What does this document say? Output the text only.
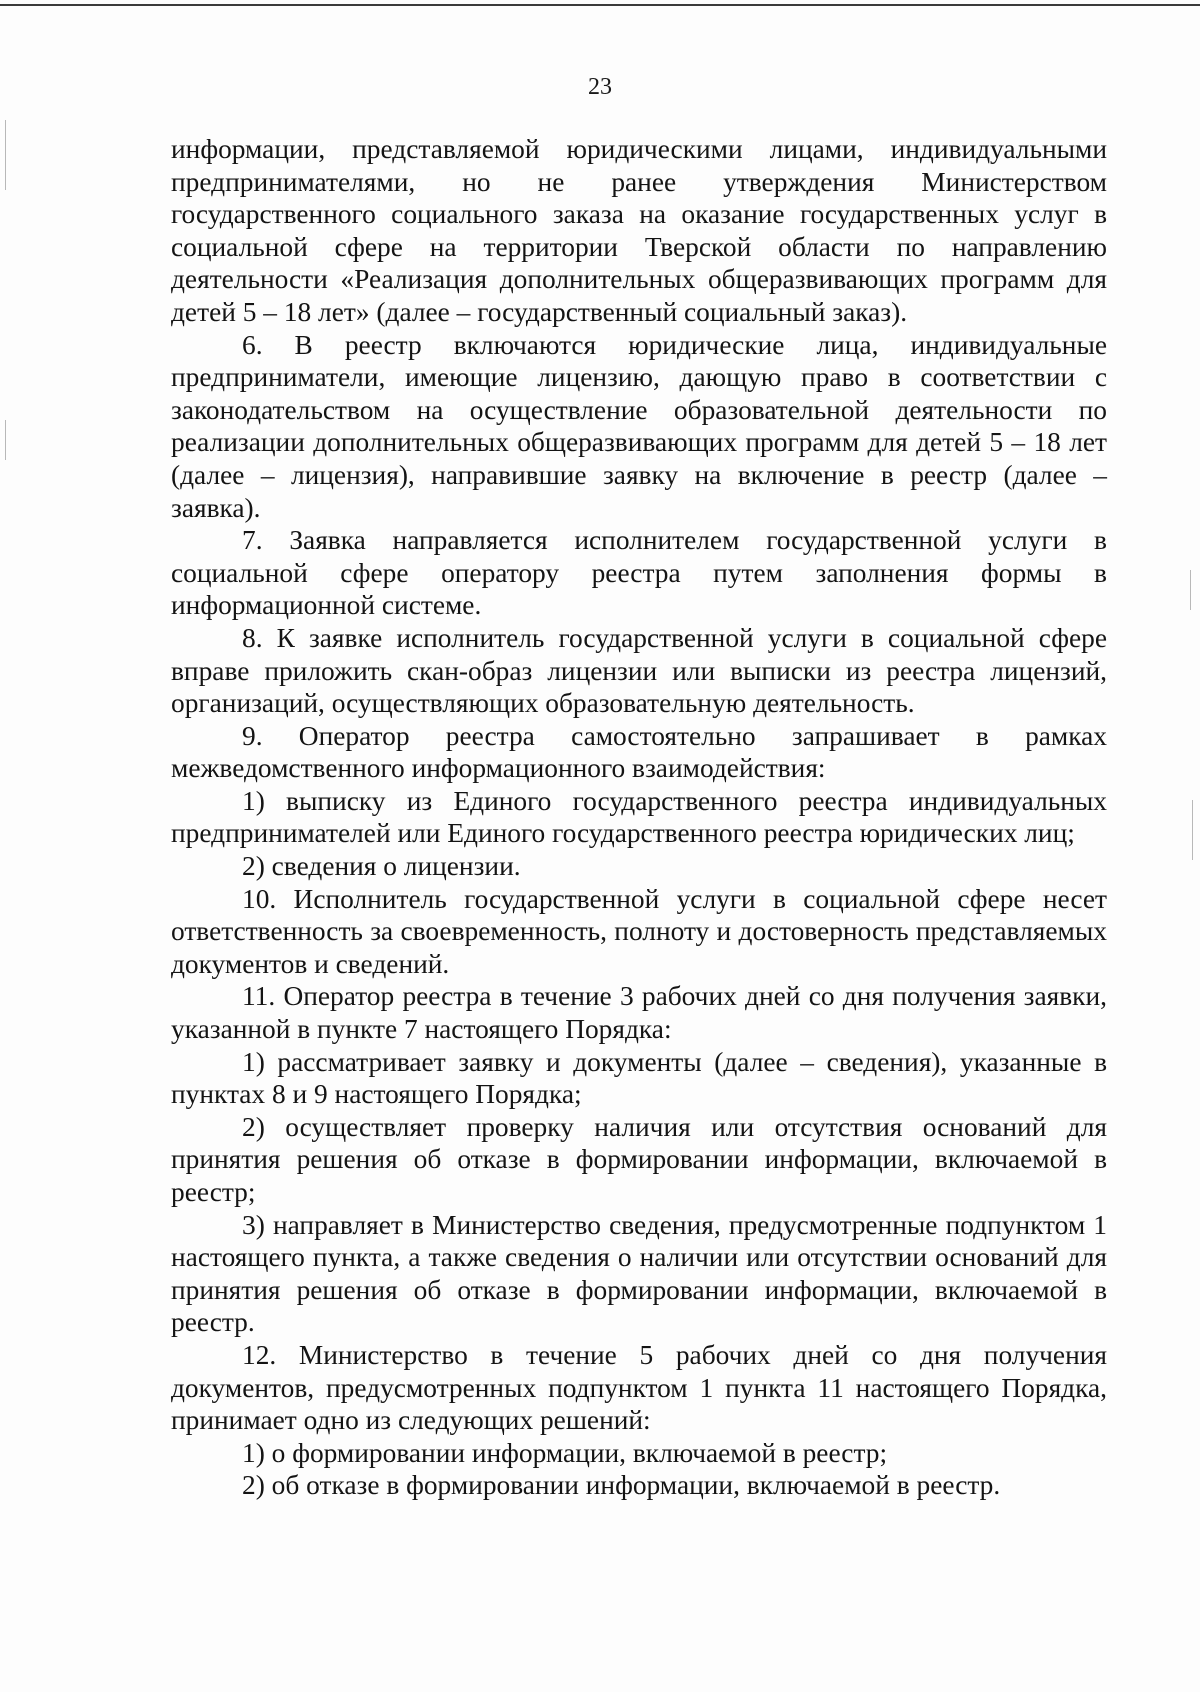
23

информации, представляемой юридическими лицами, индивидуальными предпринимателями, но не ранее утверждения Министерством государственного социального заказа на оказание государственных услуг в социальной сфере на территории Тверской области по направлению деятельности «Реализация дополнительных общеразвивающих программ для детей 5 – 18 лет» (далее – государственный социальный заказ).

6. В реестр включаются юридические лица, индивидуальные предприниматели, имеющие лицензию, дающую право в соответствии с законодательством на осуществление образовательной деятельности по реализации дополнительных общеразвивающих программ для детей 5 – 18 лет (далее – лицензия), направившие заявку на включение в реестр (далее – заявка).

7. Заявка направляется исполнителем государственной услуги в социальной сфере оператору реестра путем заполнения формы в информационной системе.

8. К заявке исполнитель государственной услуги в социальной сфере вправе приложить скан-образ лицензии или выписки из реестра лицензий, организаций, осуществляющих образовательную деятельность.

9. Оператор реестра самостоятельно запрашивает в рамках межведомственного информационного взаимодействия:

1) выписку из Единого государственного реестра индивидуальных предпринимателей или Единого государственного реестра юридических лиц;

2) сведения о лицензии.

10. Исполнитель государственной услуги в социальной сфере несет ответственность за своевременность, полноту и достоверность представляемых документов и сведений.

11. Оператор реестра в течение 3 рабочих дней со дня получения заявки, указанной в пункте 7 настоящего Порядка:

1) рассматривает заявку и документы (далее – сведения), указанные в пунктах 8 и 9 настоящего Порядка;

2) осуществляет проверку наличия или отсутствия оснований для принятия решения об отказе в формировании информации, включаемой в реестр;

3) направляет в Министерство сведения, предусмотренные подпунктом 1 настоящего пункта, а также сведения о наличии или отсутствии оснований для принятия решения об отказе в формировании информации, включаемой в реестр.

12. Министерство в течение 5 рабочих дней со дня получения документов, предусмотренных подпунктом 1 пункта 11 настоящего Порядка, принимает одно из следующих решений:

1) о формировании информации, включаемой в реестр;

2) об отказе в формировании информации, включаемой в реестр.
